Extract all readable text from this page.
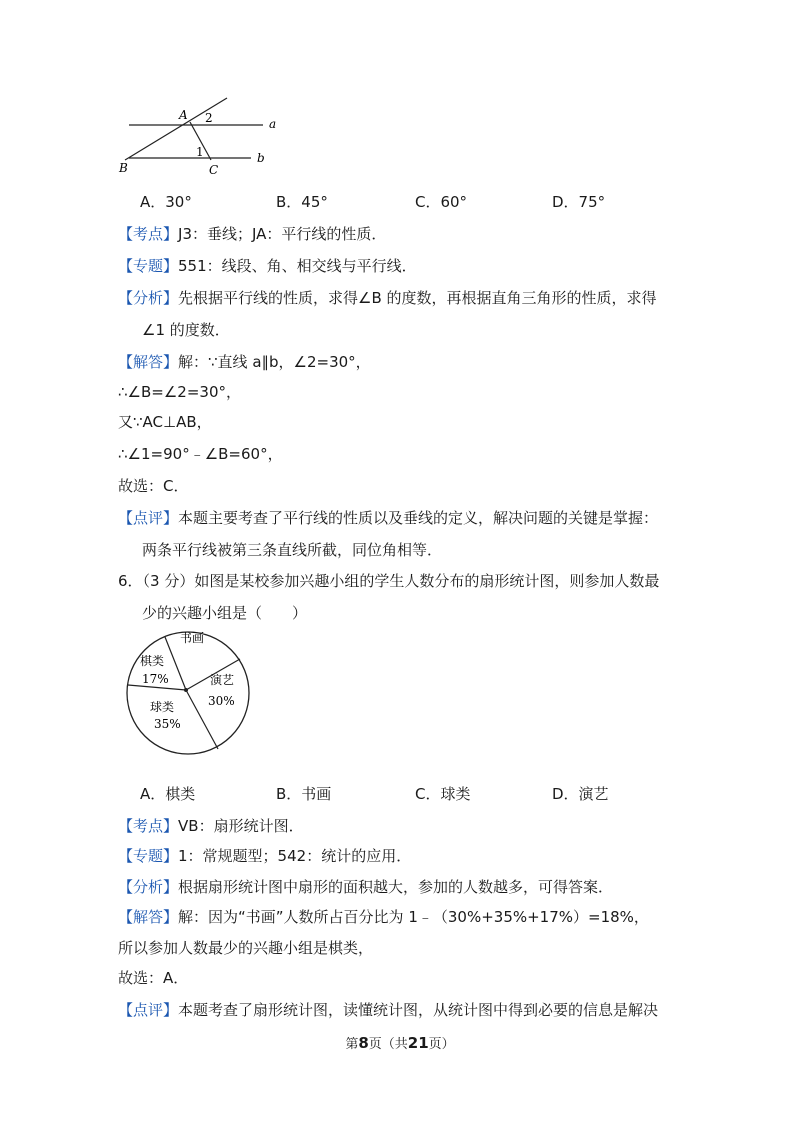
A 2	a
1	b
B	C
A．30°	B．45°	C．60°	D．75°
【考点】J3：垂线；JA：平行线的性质．
【专题】551：线段、角、相交线与平行线．
【分析】先根据平行线的性质，求得∠B 的度数，再根据直角三角形的性质，求得
∠1 的度数．
【解答】解：∵直线 a∥b，∠2=30°，
∴∠B=∠2=30°，
又∵AC⊥AB，
∴∠1=90°﹣∠B=60°，
故选：C．
【点评】本题主要考查了平行线的性质以及垂线的定义，解决问题的关键是掌握：
两条平行线被第三条直线所截，同位角相等．
6．（3 分）如图是某校参加兴趣小组的学生人数分布的扇形统计图，则参加人数最
少的兴趣小组是（　　）
书画
棋类
17%
球类
35%
演艺
30%
A．棋类	B．书画	C．球类	D．演艺
【考点】VB：扇形统计图．
【专题】1：常规题型；542：统计的应用．
【分析】根据扇形统计图中扇形的面积越大，参加的人数越多，可得答案．
【解答】解：因为“书画”人数所占百分比为 1﹣（30%+35%+17%）=18%，
所以参加人数最少的兴趣小组是棋类，
故选：A．
【点评】本题考查了扇形统计图，读懂统计图，从统计图中得到必要的信息是解决
第8页（共21页）
